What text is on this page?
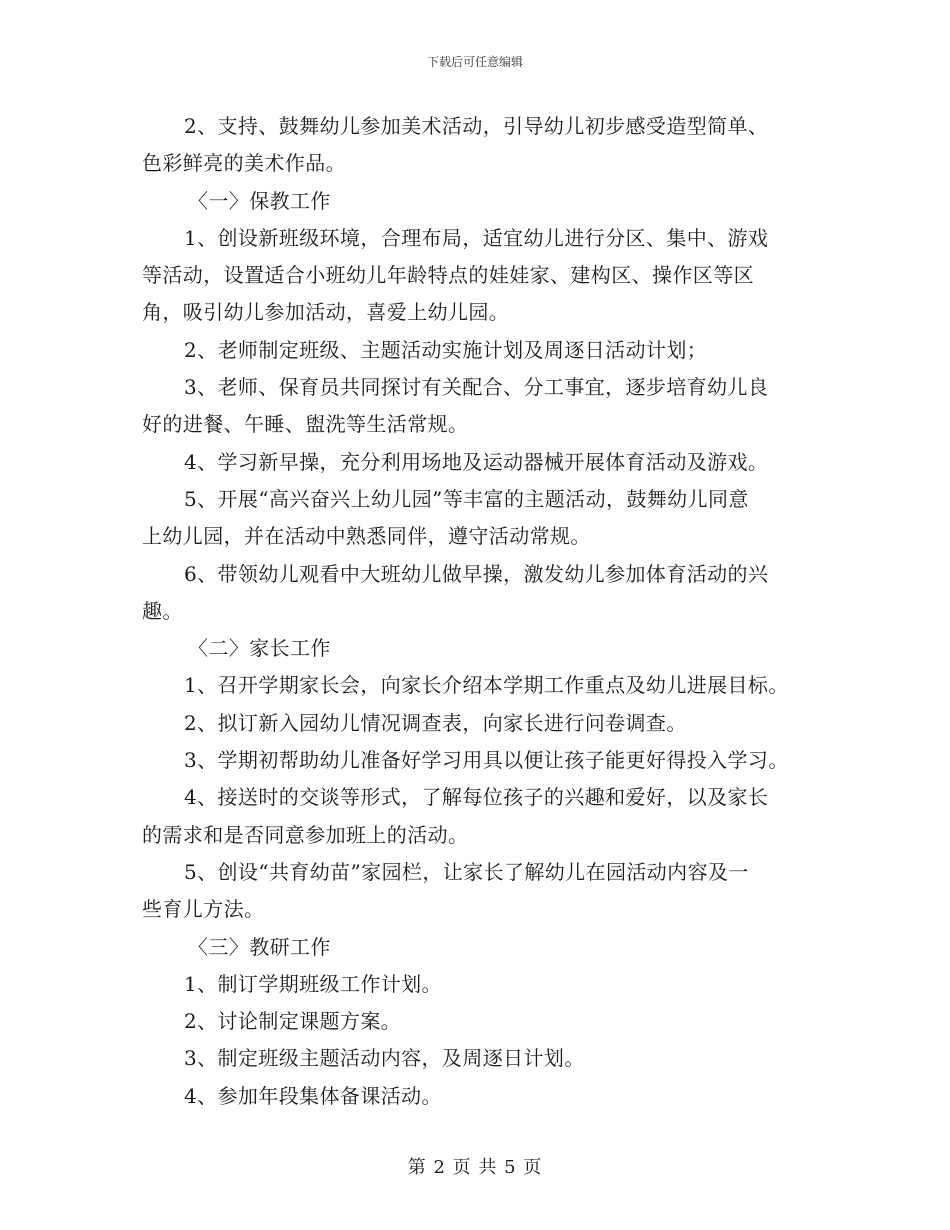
下载后可任意编辑
2、支持、鼓舞幼儿参加美术活动，引导幼儿初步感受造型简单、
色彩鲜亮的美术作品。
〈一〉保教工作
1、创设新班级环境，合理布局，适宜幼儿进行分区、集中、游戏
等活动，设置适合小班幼儿年龄特点的娃娃家、建构区、操作区等区
角，吸引幼儿参加活动，喜爱上幼儿园。
2、老师制定班级、主题活动实施计划及周逐日活动计划；
3、老师、保育员共同探讨有关配合、分工事宜，逐步培育幼儿良
好的进餐、午睡、盥洗等生活常规。
4、学习新早操，充分利用场地及运动器械开展体育活动及游戏。
5、开展“高兴奋兴上幼儿园”等丰富的主题活动，鼓舞幼儿同意
上幼儿园，并在活动中熟悉同伴，遵守活动常规。
6、带领幼儿观看中大班幼儿做早操，激发幼儿参加体育活动的兴
趣。
〈二〉家长工作
1、召开学期家长会，向家长介绍本学期工作重点及幼儿进展目标。
2、拟订新入园幼儿情况调查表，向家长进行问卷调查。
3、学期初帮助幼儿准备好学习用具以便让孩子能更好得投入学习。
4、接送时的交谈等形式，了解每位孩子的兴趣和爱好，以及家长
的需求和是否同意参加班上的活动。
5、创设“共育幼苗”家园栏，让家长了解幼儿在园活动内容及一
些育儿方法。
〈三〉教研工作
1、制订学期班级工作计划。
2、讨论制定课题方案。
3、制定班级主题活动内容，及周逐日计划。
4、参加年段集体备课活动。
第 2 页 共 5 页
